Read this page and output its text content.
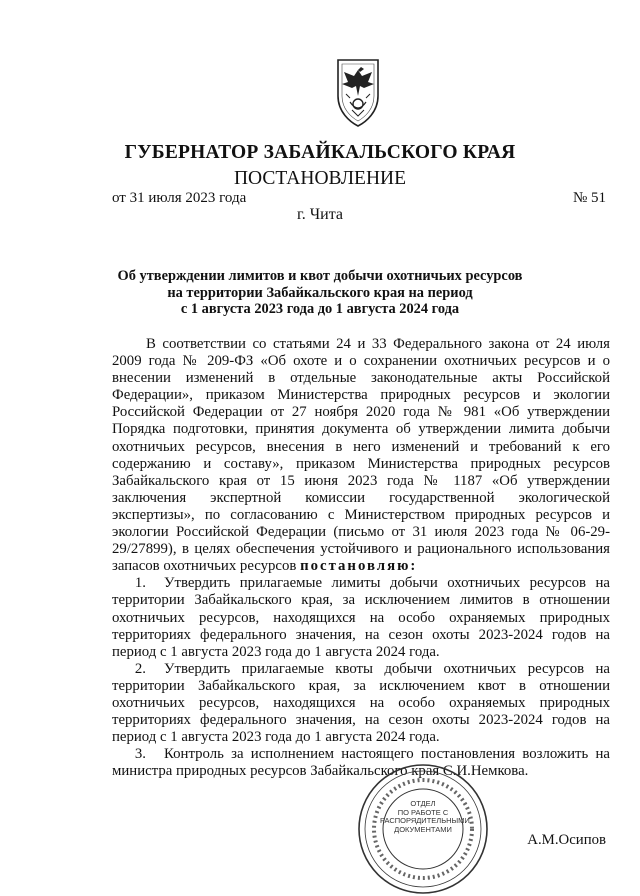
ГУБЕРНАТОР ЗАБАЙКАЛЬСКОГО КРАЯ
ПОСТАНОВЛЕНИЕ
от 31 июля 2023 года	№ 51
г. Чита
Об утверждении лимитов и квот добычи охотничьих ресурсов
на территории Забайкальского края на период
с 1 августа 2023 года до 1 августа 2024 года

В соответствии со статьями 24 и 33 Федерального закона от 24 июля 2009 года № 209-ФЗ «Об охоте и о сохранении охотничьих ресурсов и о внесении изменений в отдельные законодательные акты Российской Федерации», приказом Министерства природных ресурсов и экологии Российской Федерации от 27 ноября 2020 года № 981 «Об утверждении Порядка подготовки, принятия документа об утверждении лимита добычи охотничьих ресурсов, внесения в него изменений и требований к его содержанию и составу», приказом Министерства природных ресурсов Забайкальского края от 15 июня 2023 года № 1187 «Об утверждении заключения экспертной комиссии государственной экологической экспертизы», по согласованию с Министерством природных ресурсов и экологии Российской Федерации (письмо от 31 июля 2023 года № 06-29-29/27899), в целях обеспечения устойчивого и рационального использования запасов охотничьих ресурсов постановляю:

1. Утвердить прилагаемые лимиты добычи охотничьих ресурсов на территории Забайкальского края, за исключением лимитов в отношении охотничьих ресурсов, находящихся на особо охраняемых природных территориях федерального значения, на сезон охоты 2023-2024 годов на период с 1 августа 2023 года до 1 августа 2024 года.

2. Утвердить прилагаемые квоты добычи охотничьих ресурсов на территории Забайкальского края, за исключением квот в отношении охотничьих ресурсов, находящихся на особо охраняемых природных территориях федерального значения, на сезон охоты 2023-2024 годов на период с 1 августа 2023 года до 1 августа 2024 года.

3. Контроль за исполнением настоящего постановления возложить на министра природных ресурсов Забайкальского края С.И.Немкова.

ОТДЕЛ
ПО РАБОТЕ С
РАСПОРЯДИТЕЛЬНЫМИ
ДОКУМЕНТАМИ
А.М.Осипов
